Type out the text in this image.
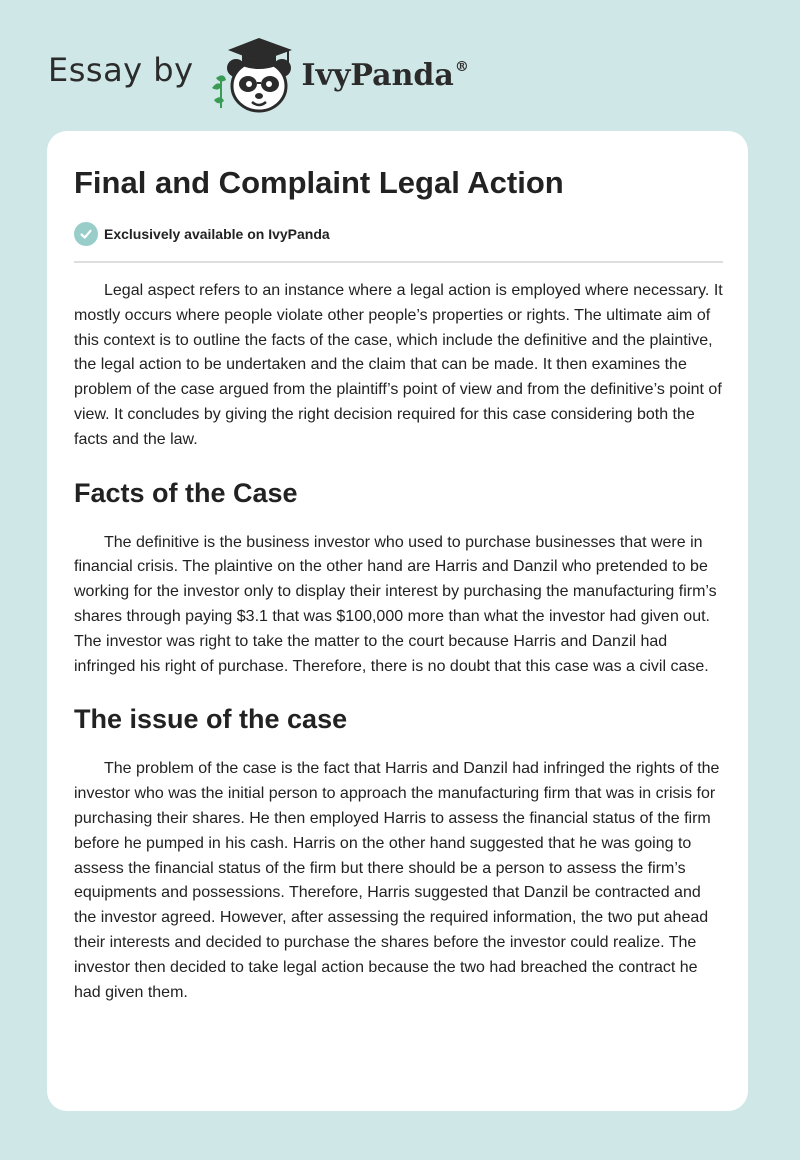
Essay by	IvyPanda®
Final and Complaint Legal Action
Exclusively available on IvyPanda

Legal aspect refers to an instance where a legal action is employed where necessary. It mostly occurs where people violate other people’s properties or rights. The ultimate aim of this context is to outline the facts of the case, which include the definitive and the plaintive, the legal action to be undertaken and the claim that can be made. It then examines the problem of the case argued from the plaintiff’s point of view and from the definitive’s point of view. It concludes by giving the right decision required for this case considering both the facts and the law.

Facts of the Case

The definitive is the business investor who used to purchase businesses that were in financial crisis. The plaintive on the other hand are Harris and Danzil who pretended to be working for the investor only to display their interest by purchasing the manufacturing firm’s shares through paying $3.1 that was $100,000 more than what the investor had given out. The investor was right to take the matter to the court because Harris and Danzil had infringed his right of purchase. Therefore, there is no doubt that this case was a civil case.

The issue of the case

The problem of the case is the fact that Harris and Danzil had infringed the rights of the investor who was the initial person to approach the manufacturing firm that was in crisis for purchasing their shares. He then employed Harris to assess the financial status of the firm before he pumped in his cash. Harris on the other hand suggested that he was going to assess the financial status of the firm but there should be a person to assess the firm’s equipments and possessions. Therefore, Harris suggested that Danzil be contracted and the investor agreed. However, after assessing the required information, the two put ahead their interests and decided to purchase the shares before the investor could realize. The investor then decided to take legal action because the two had breached the contract he had given them.
